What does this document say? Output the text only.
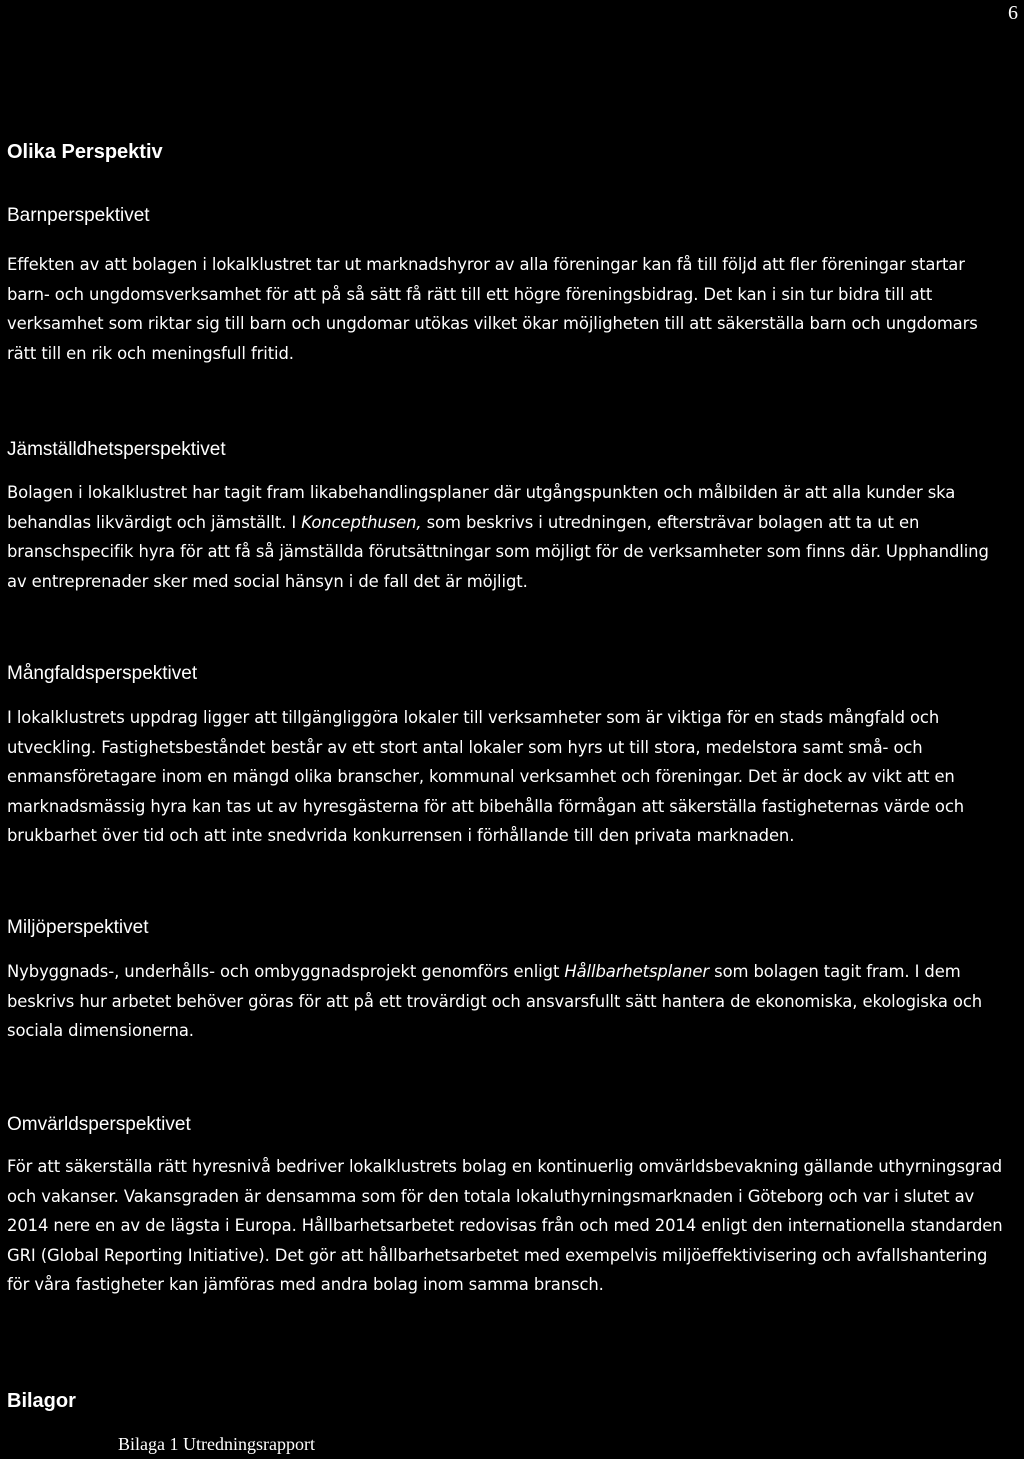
6
Olika Perspektiv
Barnperspektivet

Effekten av att bolagen i lokalklustret tar ut marknadshyror av alla föreningar kan få till följd att fler föreningar startar barn- och ungdomsverksamhet för att på så sätt få rätt till ett högre föreningsbidrag. Det kan i sin tur bidra till att verksamhet som riktar sig till barn och ungdomar utökas vilket ökar möjligheten till att säkerställa barn och ungdomars rätt till en rik och meningsfull fritid.

Jämställdhetsperspektivet

Bolagen i lokalklustret har tagit fram likabehandlingsplaner där utgångspunkten och målbilden är att alla kunder ska behandlas likvärdigt och jämställt. I Koncepthusen, som beskrivs i utredningen, eftersträvar bolagen att ta ut en branschspecifik hyra för att få så jämställda förutsättningar som möjligt för de verksamheter som finns där. Upphandling av entreprenader sker med social hänsyn i de fall det är möjligt.

Mångfaldsperspektivet

I lokalklustrets uppdrag ligger att tillgängliggöra lokaler till verksamheter som är viktiga för en stads mångfald och utveckling. Fastighetsbeståndet består av ett stort antal lokaler som hyrs ut till stora, medelstora samt små- och enmansföretagare inom en mängd olika branscher, kommunal verksamhet och föreningar. Det är dock av vikt att en marknadsmässig hyra kan tas ut av hyresgästerna för att bibehålla förmågan att säkerställa fastigheternas värde och brukbarhet över tid och att inte snedvrida konkurrensen i förhållande till den privata marknaden.

Miljöperspektivet

Nybyggnads-, underhålls- och ombyggnadsprojekt genomförs enligt Hållbarhetsplaner som bolagen tagit fram. I dem beskrivs hur arbetet behöver göras för att på ett trovärdigt och ansvarsfullt sätt hantera de ekonomiska, ekologiska och sociala dimensionerna.

Omvärldsperspektivet

För att säkerställa rätt hyresnivå bedriver lokalklustrets bolag en kontinuerlig omvärldsbevakning gällande uthyrningsgrad och vakanser. Vakansgraden är densamma som för den totala lokaluthyrningsmarknaden i Göteborg och var i slutet av 2014 nere en av de lägsta i Europa. Hållbarhetsarbetet redovisas från och med 2014 enligt den internationella standarden GRI (Global Reporting Initiative). Det gör att hållbarhetsarbetet med exempelvis miljöeffektivisering och avfallshantering för våra fastigheter kan jämföras med andra bolag inom samma bransch.

Bilagor
Bilaga 1 Utredningsrapport
